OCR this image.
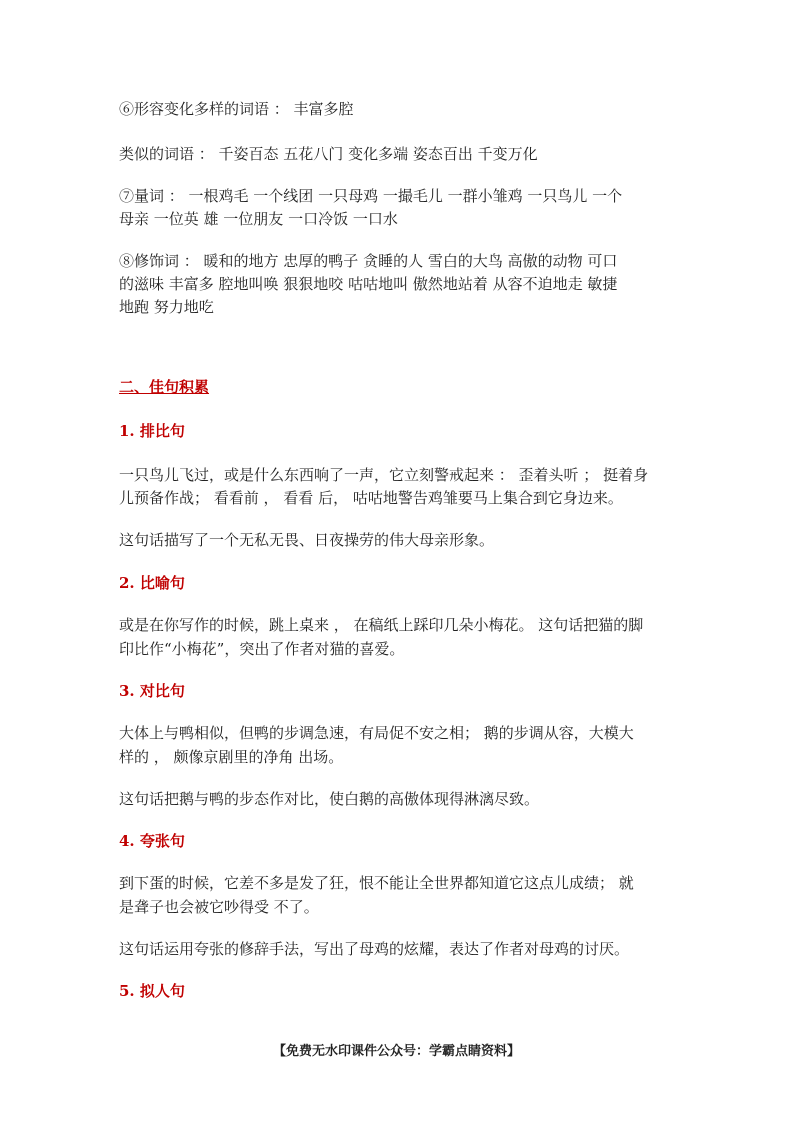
⑥形容变化多样的词语 ： 丰富多腔

类似的词语 ： 千姿百态 五花八门 变化多端 姿态百出 千变万化

⑦量词 ： 一根鸡毛 一个线团 一只母鸡 一撮毛儿 一群小雏鸡 一只鸟儿 一个

母亲 一位英 雄 一位朋友 一口冷饭 一口水

⑧修饰词 ： 暖和的地方 忠厚的鸭子 贪睡的人 雪白的大鸟 高傲的动物 可口

的滋味 丰富多 腔地叫唤 狠狠地咬 咕咕地叫 傲然地站着 从容不迫地走 敏捷

地跑 努力地吃

二、佳句积累

1. 排比句

一只鸟儿飞过，或是什么东西响了一声，它立刻警戒起来 ： 歪着头听 ； 挺着身

儿预备作战； 看看前 ， 看看 后， 咕咕地警告鸡雏要马上集合到它身边来。

这句话描写了一个无私无畏、日夜操劳的伟大母亲形象。

2. 比喻句

或是在你写作的时候，跳上桌来 ， 在稿纸上踩印几朵小梅花。 这句话把猫的脚

印比作“小梅花”，突出了作者对猫的喜爱。

3. 对比句

大体上与鸭相似，但鸭的步调急速，有局促不安之相； 鹅的步调从容，大模大

样的 ， 颇像京剧里的净角 出场。

这句话把鹅与鸭的步态作对比，使白鹅的高傲体现得淋漓尽致。

4. 夸张句

到下蛋的时候，它差不多是发了狂，恨不能让全世界都知道它这点儿成绩； 就

是聋子也会被它吵得受 不了。

这句话运用夸张的修辞手法，写出了母鸡的炫耀，表达了作者对母鸡的讨厌。

5. 拟人句

【免费无水印课件公众号：学霸点睛资料】
